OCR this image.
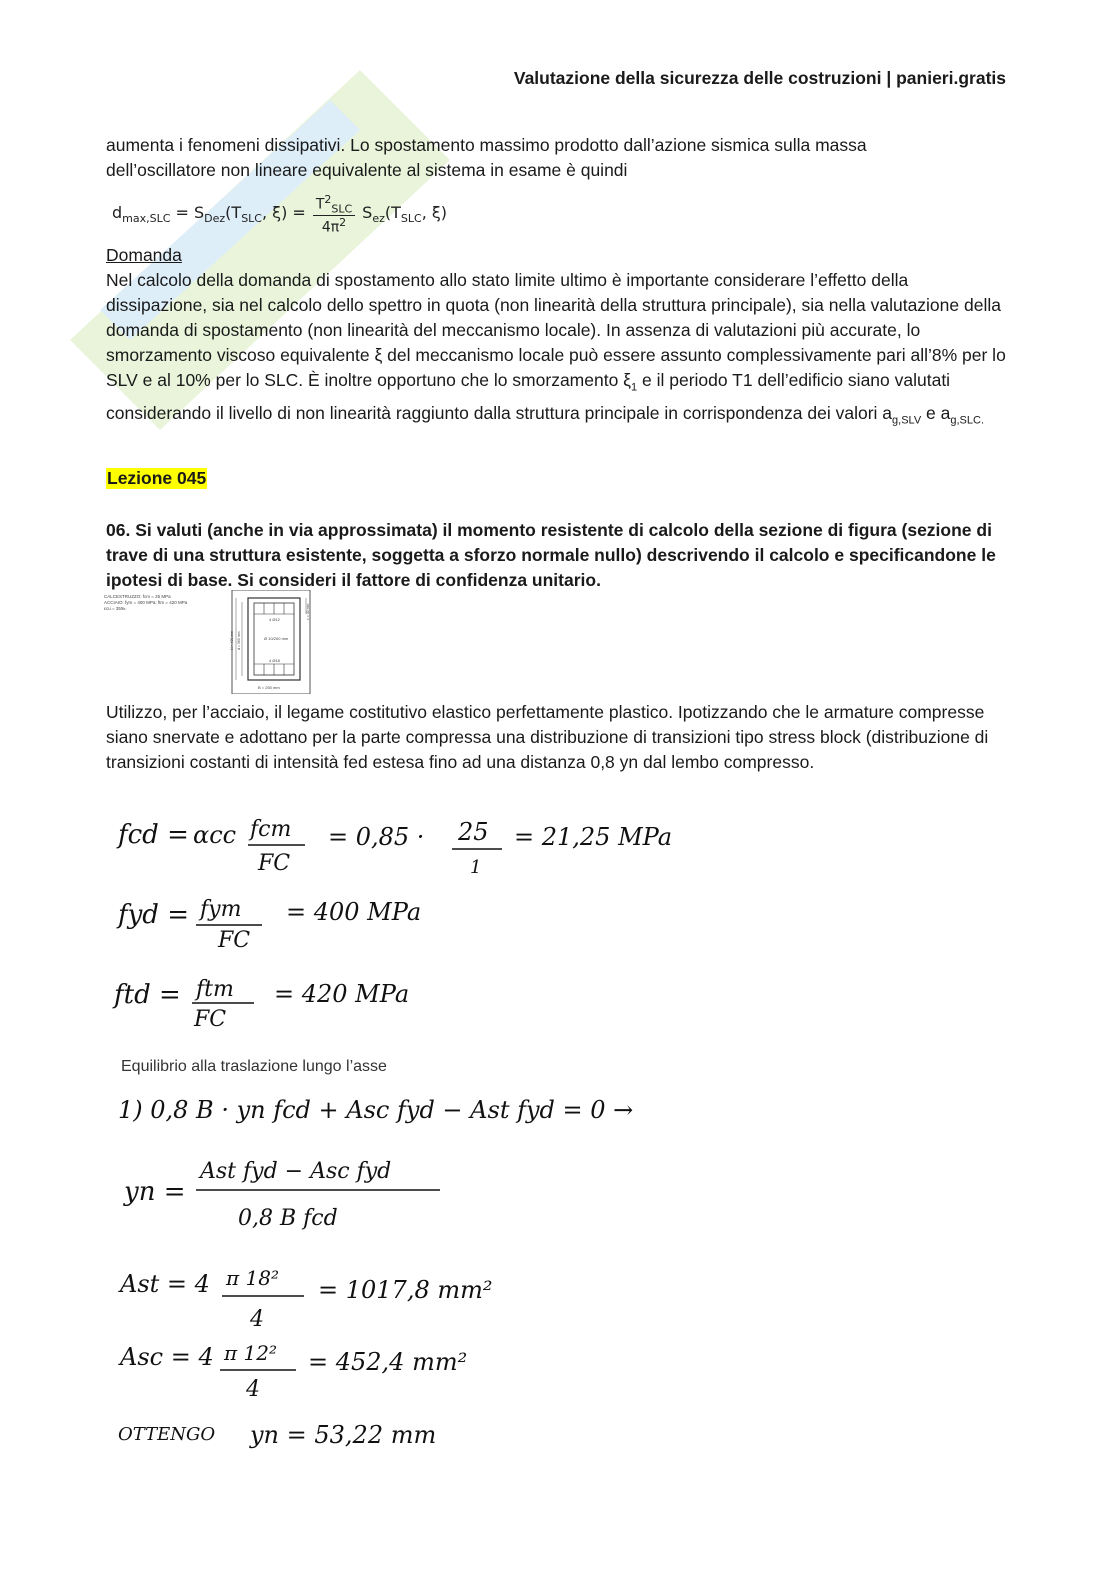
Valutazione della sicurezza delle costruzioni | panieri.gratis
aumenta i fenomeni dissipativi. Lo spostamento massimo prodotto dall’azione sismica sulla massa
dell’oscillatore non lineare equivalente al sistema in esame è quindi
$d_{max,SLC} = S_{Dez}(T_{SLC}$, $\xi) = \frac{T^2_{SLC}}{4\pi^2} S_{ez}(T_{SLC}$, ξ)
Domanda
Nel calcolo della domanda di spostamento allo stato limite ultimo è importante considerare l’effetto della dissipazione, sia nel calcolo dello spettro in quota (non linearità della struttura principale), sia nella valutazione della domanda di spostamento (non linearità del meccanismo locale). In assenza di valutazioni più accurate, lo smorzamento viscoso equivalente ξ del meccanismo locale può essere assunto complessivamente pari all’8% per lo SLV e al 10% per lo SLC. È inoltre opportuno che lo smorzamento $\xi_1$ e il periodo T1 dell’edificio siano valutati considerando il livello di non linearità raggiunto dalla struttura principale in corrispondenza dei valori $a_{g,SLV}$ e $a_{g,SLC.}$
Lezione 045
06. Si valuti (anche in via approssimata) il momento resistente di calcolo della sezione di figura (sezione di trave di una struttura esistente, soggetta a sforzo normale nullo) descrivendo il calcolo e specificandone le ipotesi di base. Si consideri il fattore di confidenza unitario.
CALCESTRUZZO: fcm = 25 MPa
ACCIAIO: fym = 400 MPa; ftm = 420 MPa
εcu = 35‰
4 Ø12
Ø 10/200 mm
4 Ø18
B = 250 mm
H = 400 mm d = 360 mm
c = 40 mm
Utilizzo, per l’acciaio, il legame costitutivo elastico perfettamente plastico. Ipotizzando che le armature compresse siano snervate e adottano per la parte compressa una distribuzione di transizioni tipo stress block (distribuzione di transizioni costanti di intensità fed estesa fino ad una distanza 0,8 yn dal lembo compresso.
fcd = αcc fcm
FC
= 0,85 · 25
1
= 21,25 MPa
fyd = fym
FC
= 400 MPa
ftd = ftm
FC
= 420 MPa
Equilibrio alla traslazione lungo l’asse
1) 0,8 B · yn fcd + Asc fyd − Ast fyd = 0 →
yn =
Ast fyd − Asc fyd
0,8 B fcd
Ast = 4 π 18²
4
= 1017,8 mm²
Asc = 4 π 12²
4
= 452,4 mm²
OTTENGO yn = 53,22 mm
